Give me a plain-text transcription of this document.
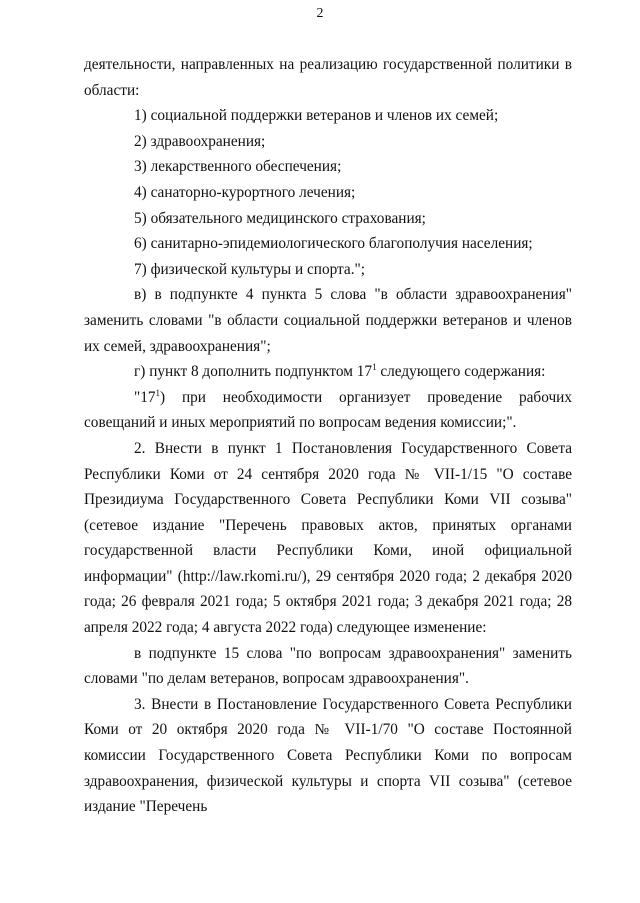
2

деятельности, направленных на реализацию государственной политики в области:

1) социальной поддержки ветеранов и членов их семей;

2) здравоохранения;

3) лекарственного обеспечения;

4) санаторно-курортного лечения;

5) обязательного медицинского страхования;

6) санитарно-эпидемиологического благополучия населения;

7) физической культуры и спорта.";

в) в подпункте 4 пункта 5 слова "в области здравоохранения" заменить словами "в области социальной поддержки ветеранов и членов их семей, здравоохранения";

г) пункт 8 дополнить подпунктом $17^1$ следующего содержания:

"$17^1$) при необходимости организует проведение рабочих совещаний и иных мероприятий по вопросам ведения комиссии;".

2. Внести в пункт 1 Постановления Государственного Совета Республики Коми от 24 сентября 2020 года № VII-1/15 "О составе Президиума Государственного Совета Республики Коми VII созыва" (сетевое издание "Перечень правовых актов, принятых органами государственной власти Республики Коми, иной официальной информации" (http://law.rkomi.ru/), 29 сентября 2020 года; 2 декабря 2020 года; 26 февраля 2021 года; 5 октября 2021 года; 3 декабря 2021 года; 28 апреля 2022 года; 4 августа 2022 года) следующее изменение:

в подпункте 15 слова "по вопросам здравоохранения" заменить словами "по делам ветеранов, вопросам здравоохранения".

3. Внести в Постановление Государственного Совета Республики Коми от 20 октября 2020 года № VII-1/70 "О составе Постоянной комиссии Государственного Совета Республики Коми по вопросам здравоохранения, физической культуры и спорта VII созыва" (сетевое издание "Перечень
